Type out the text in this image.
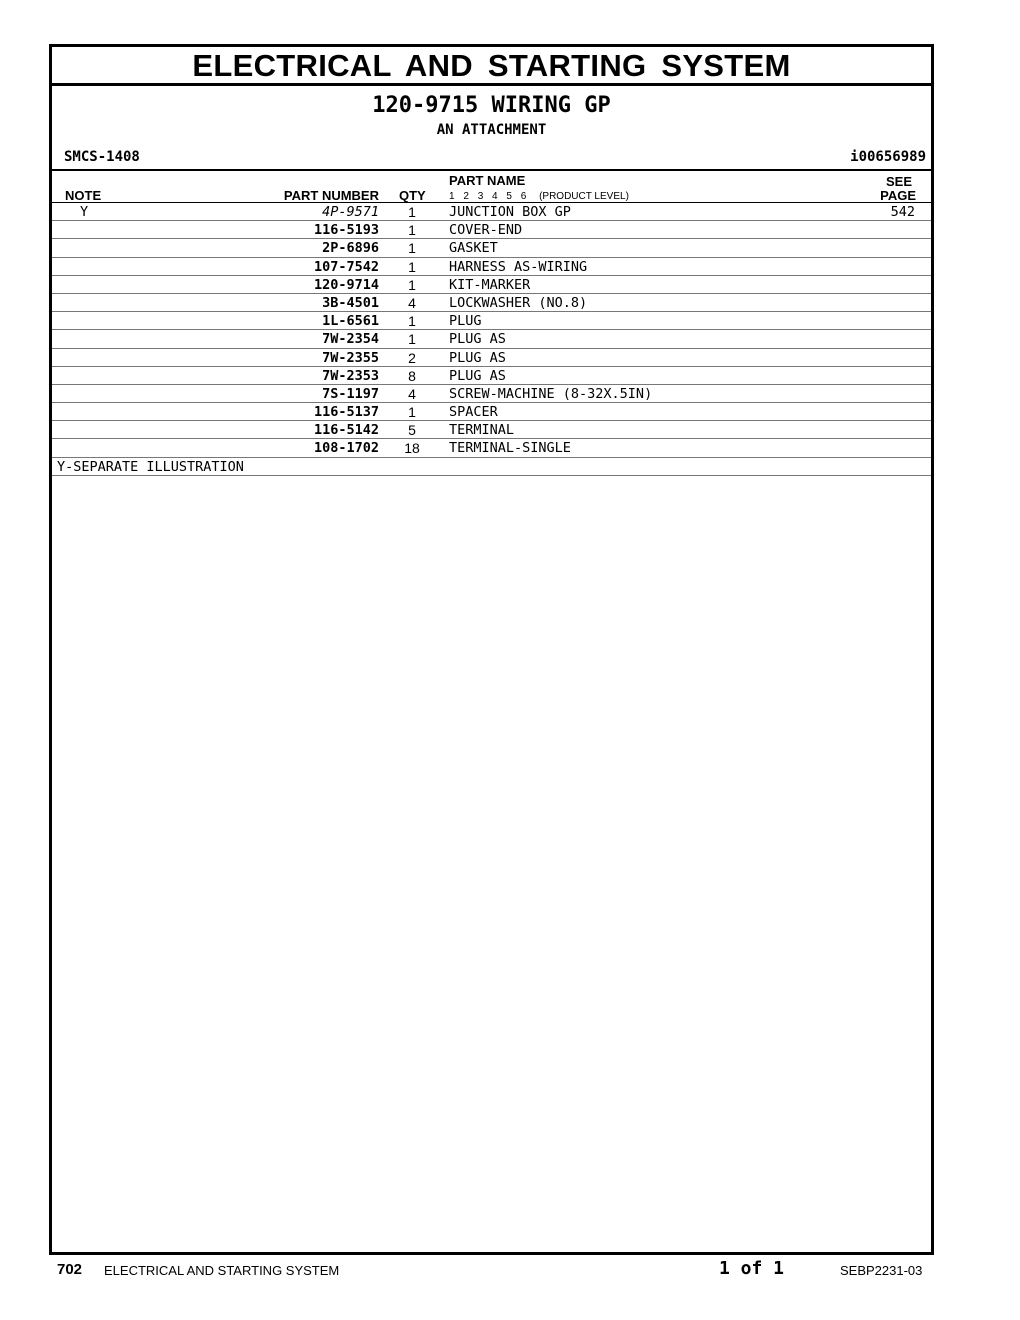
ELECTRICAL AND STARTING SYSTEM
120-9715 WIRING GP
AN ATTACHMENT
SMCS-1408	i00656989
PART NAME	SEE
NOTE	PART NUMBER QTY	PAGE
1 2 3 4 5 6 (PRODUCT LEVEL)
Y	4P-9571	1	JUNCTION BOX GP	542
116-5193	1	COVER-END
2P-6896	1	GASKET
107-7542	1	HARNESS AS-WIRING
120-9714	1	KIT-MARKER
3B-4501	4	LOCKWASHER (NO.8)
1L-6561	1	PLUG
7W-2354	1	PLUG AS
7W-2355	2	PLUG AS
7W-2353	8	PLUG AS
7S-1197	4	SCREW-MACHINE (8-32X.5IN)
116-5137	1	SPACER
116-5142	5	TERMINAL
108-1702	18	TERMINAL-SINGLE
Y-SEPARATE ILLUSTRATION
702 ELECTRICAL AND STARTING SYSTEM	1 of 1	SEBP2231-03
